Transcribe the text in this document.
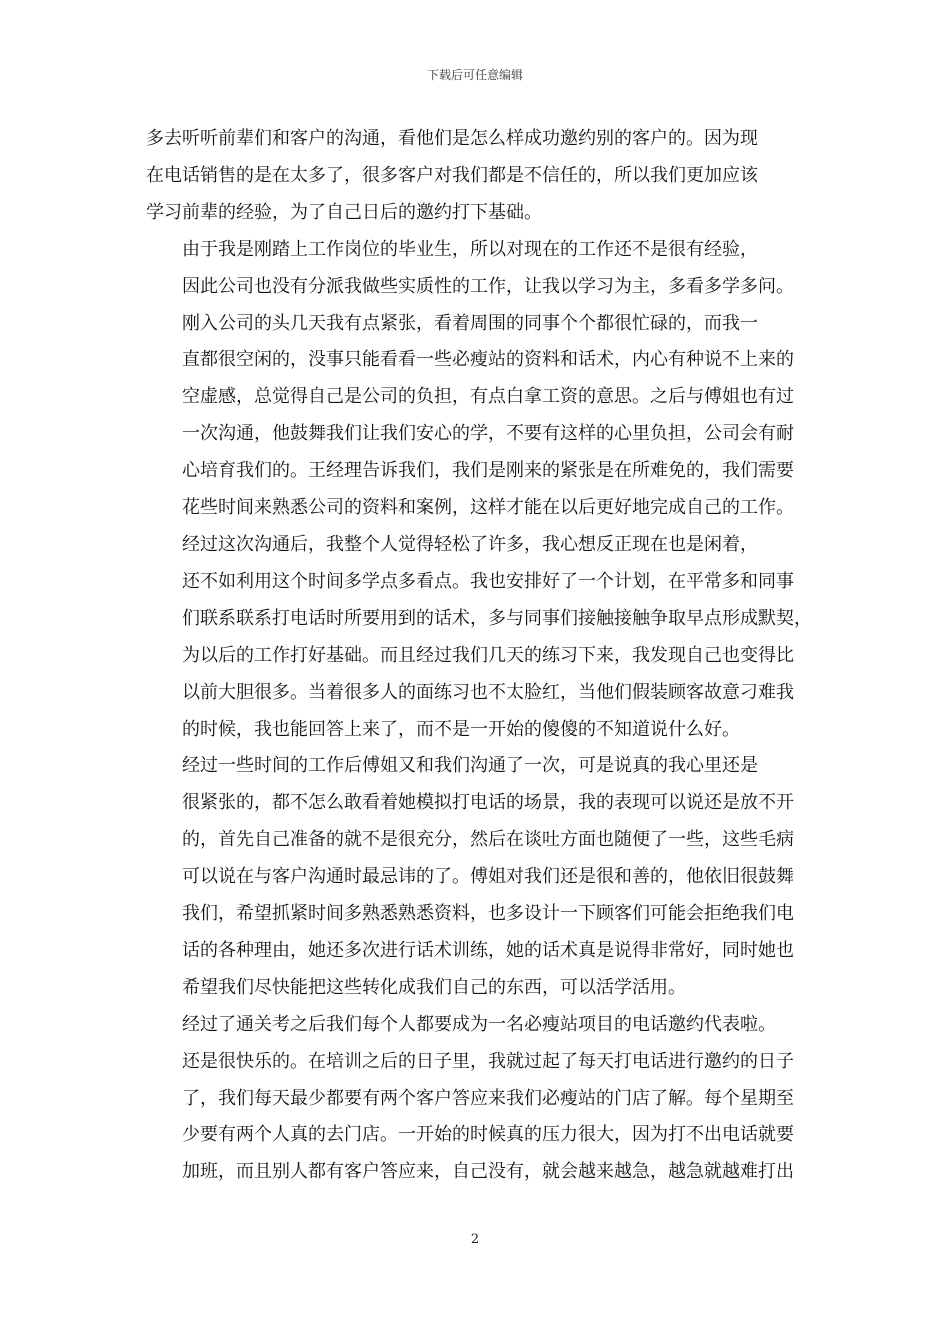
下载后可任意编辑

多去听听前辈们和客户的沟通，看他们是怎么样成功邀约别的客户的。因为现
在电话销售的是在太多了，很多客户对我们都是不信任的，所以我们更加应该
学习前辈的经验，为了自己日后的邀约打下基础。

由于我是刚踏上工作岗位的毕业生，所以对现在的工作还不是很有经验，
因此公司也没有分派我做些实质性的工作，让我以学习为主，多看多学多问。

刚入公司的头几天我有点紧张，看着周围的同事个个都很忙碌的，而我一
直都很空闲的，没事只能看看一些必瘦站的资料和话术，内心有种说不上来的
空虚感，总觉得自己是公司的负担，有点白拿工资的意思。之后与傅姐也有过
一次沟通，他鼓舞我们让我们安心的学，不要有这样的心里负担，公司会有耐
心培育我们的。王经理告诉我们，我们是刚来的紧张是在所难免的，我们需要
花些时间来熟悉公司的资料和案例，这样才能在以后更好地完成自己的工作。

经过这次沟通后，我整个人觉得轻松了许多，我心想反正现在也是闲着，
还不如利用这个时间多学点多看点。我也安排好了一个计划，在平常多和同事
们联系联系打电话时所要用到的话术，多与同事们接触接触争取早点形成默契，
为以后的工作打好基础。而且经过我们几天的练习下来，我发现自己也变得比
以前大胆很多。当着很多人的面练习也不太脸红，当他们假装顾客故意刁难我
的时候，我也能回答上来了，而不是一开始的傻傻的不知道说什么好。

经过一些时间的工作后傅姐又和我们沟通了一次，可是说真的我心里还是
很紧张的，都不怎么敢看着她模拟打电话的场景，我的表现可以说还是放不开
的，首先自己准备的就不是很充分，然后在谈吐方面也随便了一些，这些毛病
可以说在与客户沟通时最忌讳的了。傅姐对我们还是很和善的，他依旧很鼓舞
我们，希望抓紧时间多熟悉熟悉资料，也多设计一下顾客们可能会拒绝我们电
话的各种理由，她还多次进行话术训练，她的话术真是说得非常好，同时她也
希望我们尽快能把这些转化成我们自己的东西，可以活学活用。

经过了通关考之后我们每个人都要成为一名必瘦站项目的电话邀约代表啦。
还是很快乐的。在培训之后的日子里，我就过起了每天打电话进行邀约的日子
了，我们每天最少都要有两个客户答应来我们必瘦站的门店了解。每个星期至
少要有两个人真的去门店。一开始的时候真的压力很大，因为打不出电话就要
加班，而且别人都有客户答应来，自己没有，就会越来越急，越急就越难打出

2
